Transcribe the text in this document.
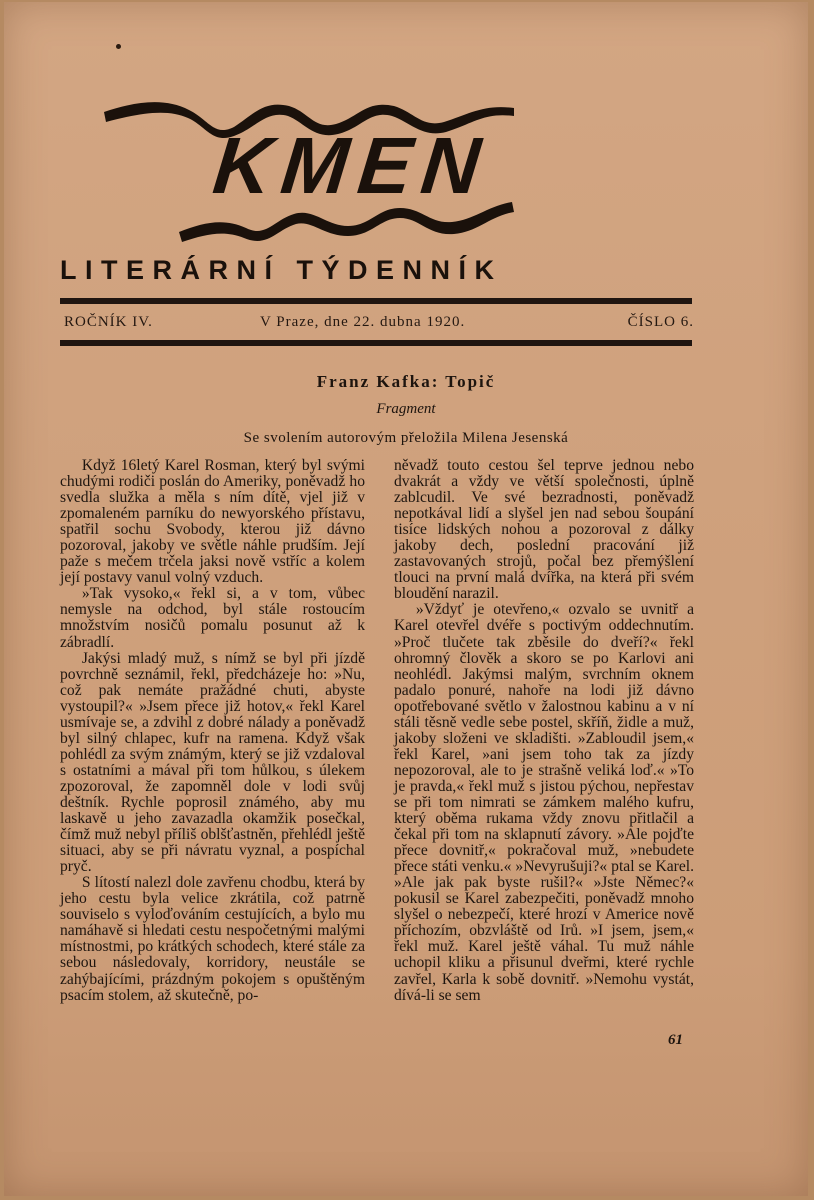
KMEN
LITERÁRNÍ TÝDENNÍK
ROČNÍK IV.	V Praze, dne 22. dubna 1920.	ČÍSLO 6.
Franz Kafka: Topič
Fragment
Se svolením autorovým přeložila Milena Jesenská

Když 16letý Karel Rosman, který byl svými chudými rodiči poslán do Ameriky, poněvadž ho svedla služka a měla s ním dítě, vjel již v zpomaleném parníku do newyorského přístavu, spatřil sochu Svobody, kterou již dávno pozoroval, jakoby ve světle náhle prudším. Její paže s mečem trčela jaksi nově vstříc a kolem její postavy vanul volný vzduch.

»Tak vysoko,« řekl si, a v tom, vůbec nemysle na odchod, byl stále rostoucím množstvím nosičů pomalu posunut až k zábradlí.

Jakýsi mladý muž, s nímž se byl při jízdě povrchně seznámil, řekl, předcházeje ho: »Nu, což pak nemáte pražádné chuti, abyste vystoupil?« »Jsem přece již hotov,« řekl Karel usmívaje se, a zdvihl z dobré nálady a poněvadž byl silný chlapec, kufr na ramena. Když však pohlédl za svým známým, který se již vzdaloval s ostatními a mával při tom hůlkou, s úlekem zpozoroval, že zapomněl dole v lodi svůj deštník. Rychle poprosil známého, aby mu laskavě u jeho zavazadla okamžik posečkal, čímž muž nebyl příliš oblšťastněn, přehlédl ještě situaci, aby se při návratu vyznal, a pospíchal pryč.

S lítostí nalezl dole zavřenu chodbu, která by jeho cestu byla velice zkrátila, což patrně souviselo s vyloďováním cestujících, a bylo mu namáhavě si hledati cestu nespočetnými malými místnostmi, po krátkých schodech, které stále za sebou následovaly, korridory, neustále se zahýbajícími, prázdným pokojem s opuštěným psacím stolem, až skutečně, po-

něvadž touto cestou šel teprve jednou nebo dvakrát a vždy ve větší společnosti, úplně zablcudil. Ve své bezradnosti, poněvadž nepotkával lidí a slyšel jen nad sebou šoupání tisíce lidských nohou a pozoroval z dálky jakoby dech, poslední pracování již zastavovaných strojů, počal bez přemýšlení tlouci na první malá dvířka, na která při svém bloudění narazil.

»Vždyť je otevřeno,« ozvalo se uvnitř a Karel otevřel dvéře s poctivým oddechnutím. »Proč tlučete tak zběsile do dveří?« řekl ohromný člověk a skoro se po Karlovi ani neohlédl. Jakýmsi malým, svrchním oknem padalo ponuré, nahoře na lodi již dávno opotřebované světlo v žalostnou kabinu a v ní stáli těsně vedle sebe postel, skříň, židle a muž, jakoby složeni ve skladišti. »Zabloudil jsem,« řekl Karel, »ani jsem toho tak za jízdy nepozoroval, ale to je strašně veliká loď.« »To je pravda,« řekl muž s jistou pýchou, nepřestav se při tom nimrati se zámkem malého kufru, který oběma rukama vždy znovu přitlačil a čekal při tom na sklapnutí závory. »Ale pojďte přece dovnitř,« pokračoval muž, »nebudete přece státi venku.« »Nevyrušuji?« ptal se Karel. »Ale jak pak byste rušil?« »Jste Němec?« pokusil se Karel zabezpečiti, poněvadž mnoho slyšel o nebezpečí, které hrozí v Americe nově příchozím, obzvláště od Irů. »I jsem, jsem,« řekl muž. Karel ještě váhal. Tu muž náhle uchopil kliku a přisunul dveřmi, které rychle zavřel, Karla k sobě dovnitř. »Nemohu vystát, dívá-li se sem

61
